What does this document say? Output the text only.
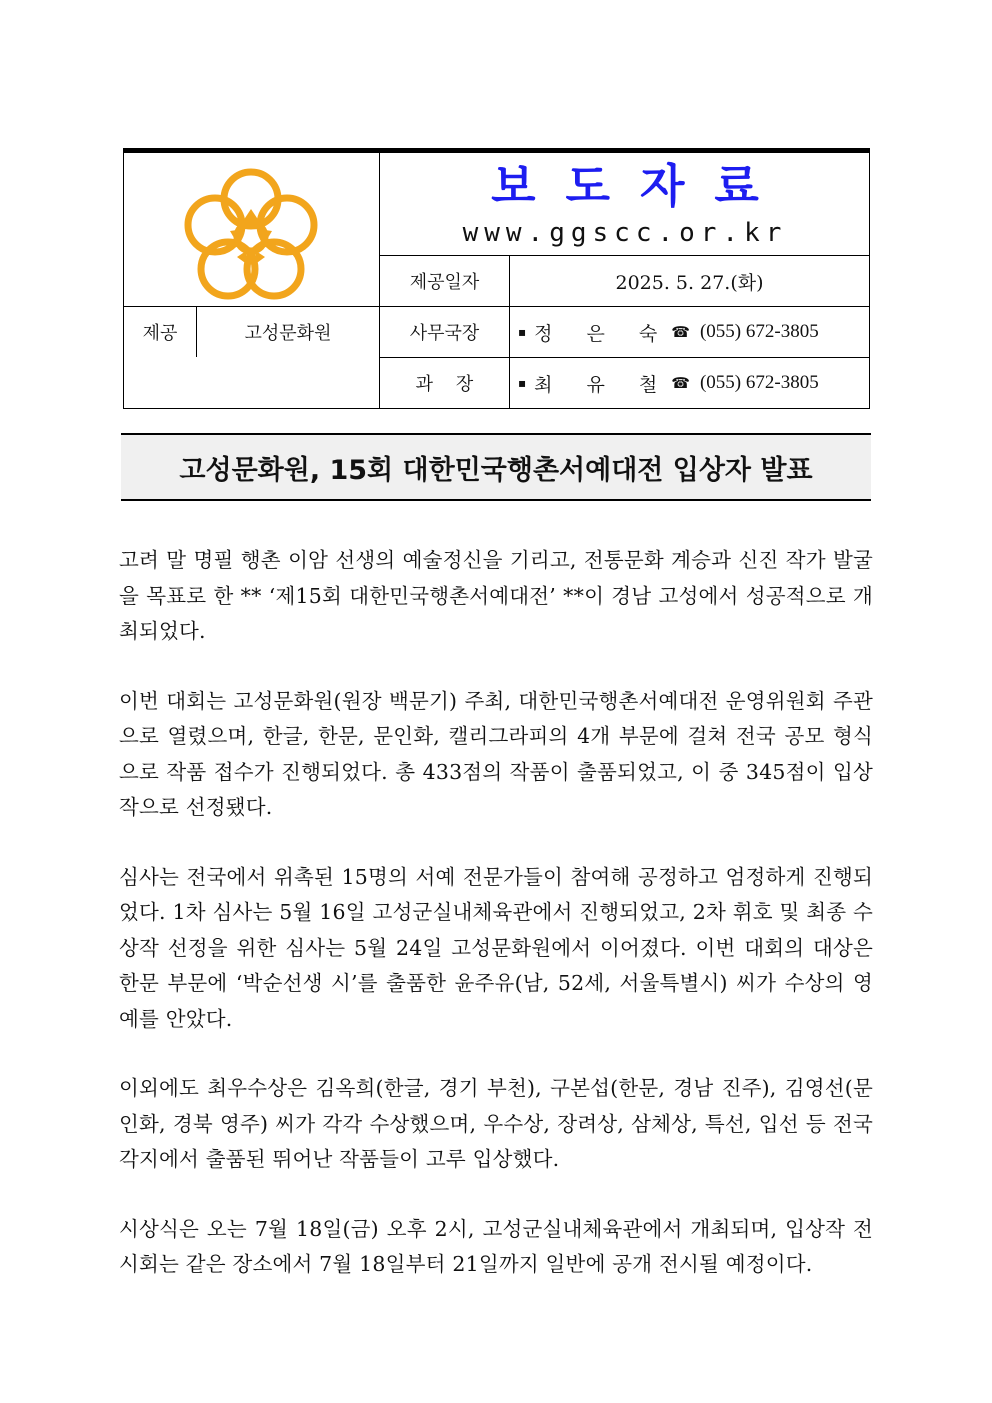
보도자료
www.ggscc.or.kr
제공일자	2025. 5. 27.(화)
제공	고성문화원	사무국장	▪ 정 은 숙 ☎ (055) 672-3805
과    장	▪ 최 유 철 ☎ (055) 672-3805
고성문화원, 15회 대한민국행촌서예대전 입상자 발표

고려 말 명필 행촌 이암 선생의 예술정신을 기리고, 전통문화 계승과 신진 작가 발굴을 목표로 한 ** ‘제15회 대한민국행촌서예대전’ **이 경남 고성에서 성공적으로 개최되었다.

이번 대회는 고성문화원(원장 백문기) 주최, 대한민국행촌서예대전 운영위원회 주관으로 열렸으며, 한글, 한문, 문인화, 캘리그라피의 4개 부문에 걸쳐 전국 공모 형식으로 작품 접수가 진행되었다. 총 433점의 작품이 출품되었고, 이 중 345점이 입상작으로 선정됐다.

심사는 전국에서 위촉된 15명의 서예 전문가들이 참여해 공정하고 엄정하게 진행되었다. 1차 심사는 5월 16일 고성군실내체육관에서 진행되었고, 2차 휘호 및 최종 수상작 선정을 위한 심사는 5월 24일 고성문화원에서 이어졌다. 이번 대회의 대상은 한문 부문에 ‘박순선생 시’를 출품한 윤주유(남, 52세, 서울특별시) 씨가 수상의 영예를 안았다.

이외에도 최우수상은 김옥희(한글, 경기 부천), 구본섭(한문, 경남 진주), 김영선(문인화, 경북 영주) 씨가 각각 수상했으며, 우수상, 장려상, 삼체상, 특선, 입선 등 전국 각지에서 출품된 뛰어난 작품들이 고루 입상했다.

시상식은 오는 7월 18일(금) 오후 2시, 고성군실내체육관에서 개최되며, 입상작 전시회는 같은 장소에서 7월 18일부터 21일까지 일반에 공개 전시될 예정이다.
